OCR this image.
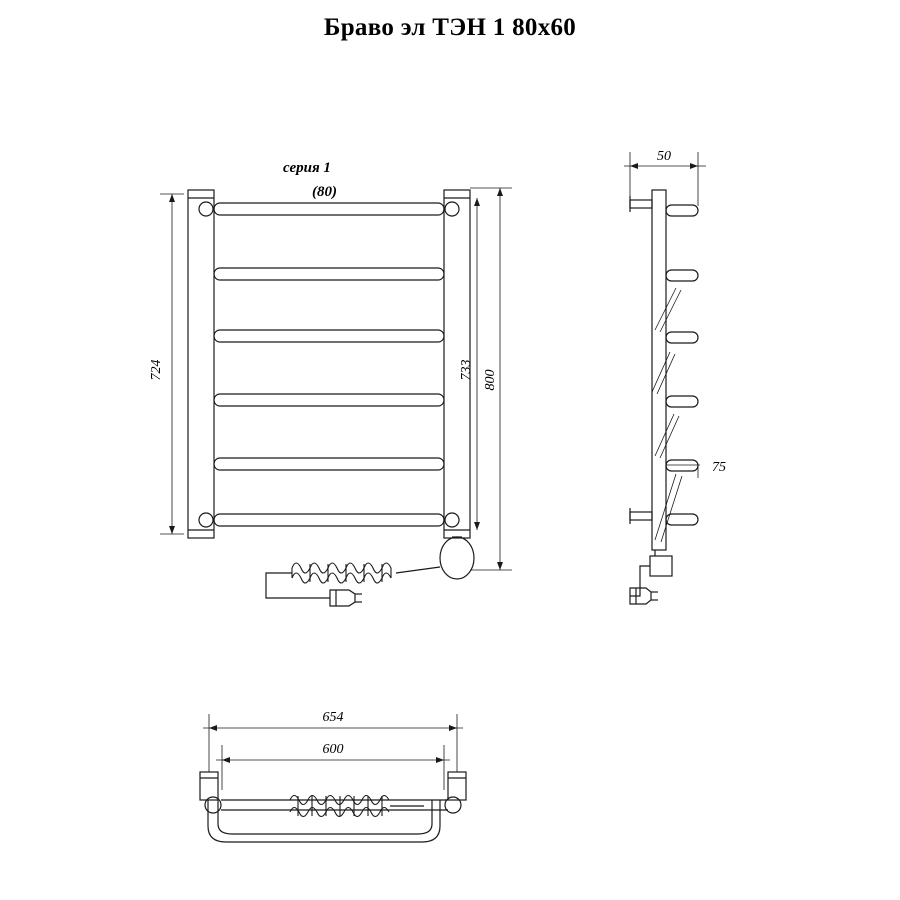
Браво эл ТЭН 1 80x60
серия 1
(80)
724	733 800
50
75
654
600
